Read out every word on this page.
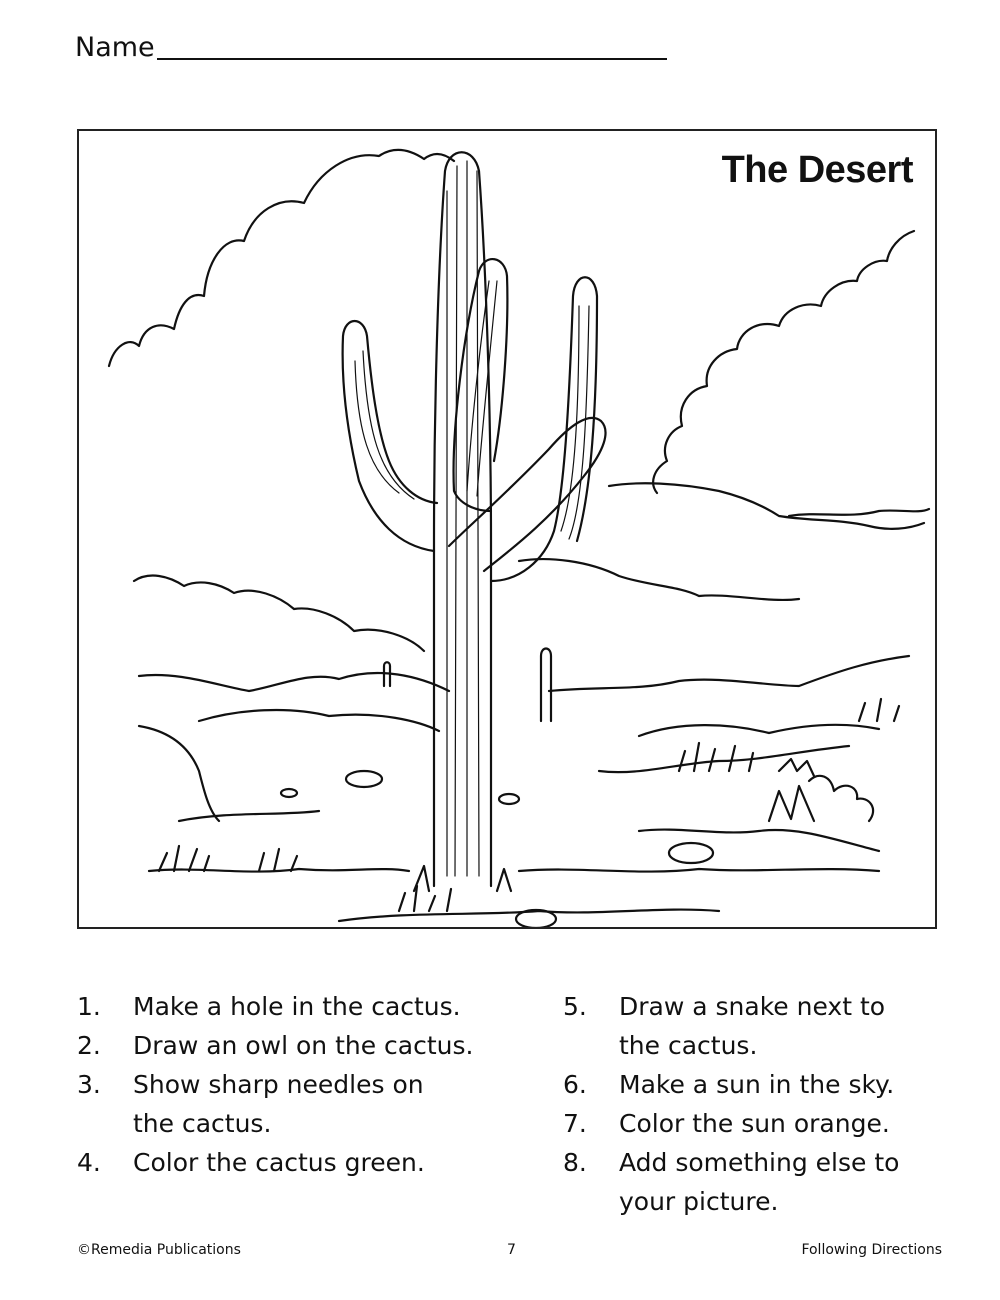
Name
The Desert
1.	Make a hole in the cactus.
2.	Draw an owl on the cactus.
3.	Show sharp needles on
the cactus.
4.	Color the cactus green.
5.	Draw a snake next to
the cactus.
6.	Make a sun in the sky.
7.	Color the sun orange.
8.	Add something else to
your picture.
©Remedia Publications	7	Following Directions
